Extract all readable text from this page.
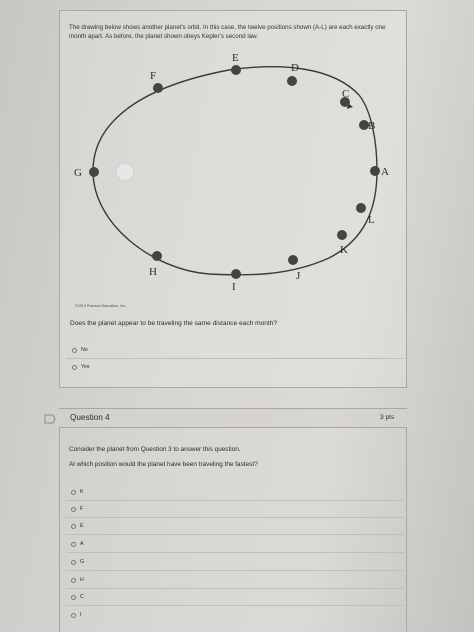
The drawing below shows another planet's orbit. In this case, the twelve positions shown (A-L) are each exactly one month apart. As before, the planet shown obeys Kepler's second law.
E
D
F
C
B
G	A
L
K
H	J
I
©2013 Pearson Education, Inc.
Does the planet appear to be traveling the same distance each month?
No
Yes
Question 4	3 pts
Consider the planet from Question 3 to answer this question.
At which position would the planet have been traveling the fastest?
K
F
E
A
G
H
C
I
